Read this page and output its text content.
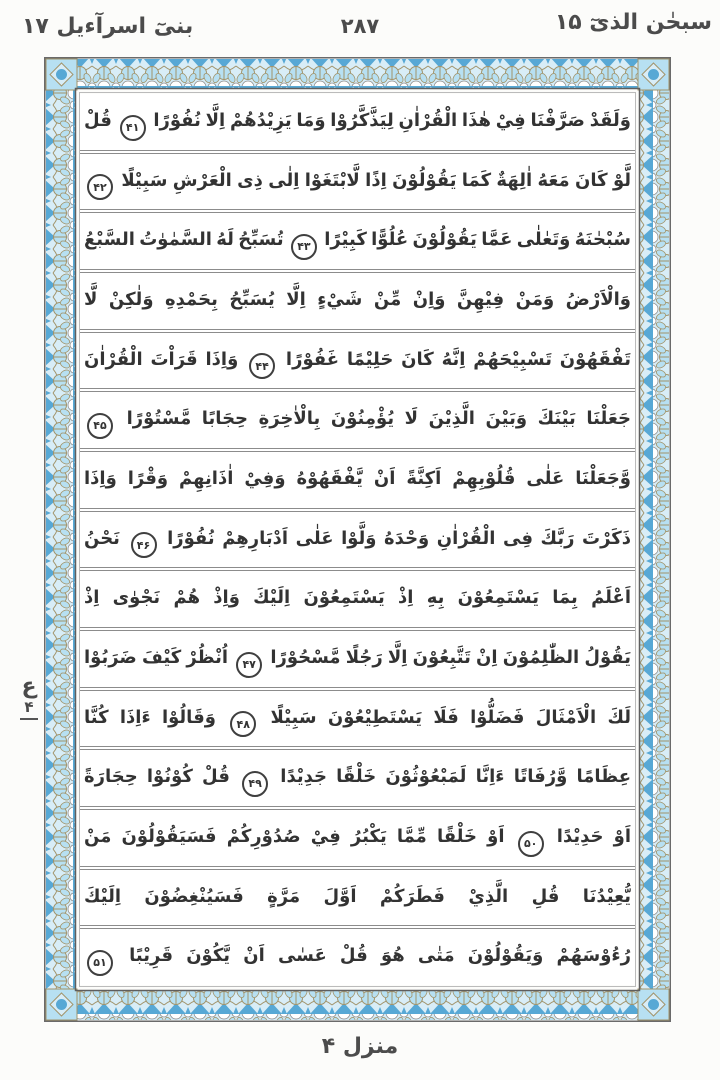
سبحٰن الذیٓ ۱۵
۲۸۷
بنیٓ اسرآءیل ۱۷
وَلَقَدْ صَرَّفْنَا فِيْ هٰذَا الْقُرْاٰنِ لِيَذَّكَّرُوْا وَمَا يَزِيْدُهُمْ اِلَّا نُفُوْرًا ۴۱ قُلْ
لَّوْ كَانَ مَعَهُ اٰلِهَةٌ كَمَا يَقُوْلُوْنَ اِذًا لَّابْتَغَوْا اِلٰى ذِى الْعَرْشِ سَبِيْلًا ۴۲
سُبْحٰنَهُ وَتَعٰلٰى عَمَّا يَقُوْلُوْنَ عُلُوًّا كَبِيْرًا ۴۳ تُسَبِّحُ لَهُ السَّمٰوٰتُ السَّبْعُ
وَالْاَرْضُ وَمَنْ فِيْهِنَّ وَاِنْ مِّنْ شَيْءٍ اِلَّا يُسَبِّحُ بِحَمْدِهِ وَلٰكِنْ لَّا
تَفْقَهُوْنَ تَسْبِيْحَهُمْ اِنَّهُ كَانَ حَلِيْمًا غَفُوْرًا ۴۴ وَاِذَا قَرَاْتَ الْقُرْاٰنَ
جَعَلْنَا بَيْنَكَ وَبَيْنَ الَّذِيْنَ لَا يُؤْمِنُوْنَ بِالْاٰخِرَةِ حِجَابًا مَّسْتُوْرًا ۴۵
وَّجَعَلْنَا عَلٰى قُلُوْبِهِمْ اَكِنَّةً اَنْ يَّفْقَهُوْهُ وَفِيْ اٰذَانِهِمْ وَقْرًا وَاِذَا
ذَكَرْتَ رَبَّكَ فِى الْقُرْاٰنِ وَحْدَهُ وَلَّوْا عَلٰى اَدْبَارِهِمْ نُفُوْرًا ۴۶ نَحْنُ
اَعْلَمُ بِمَا يَسْتَمِعُوْنَ بِهِ اِذْ يَسْتَمِعُوْنَ اِلَيْكَ وَاِذْ هُمْ نَجْوٰى اِذْ
يَقُوْلُ الظّٰلِمُوْنَ اِنْ تَتَّبِعُوْنَ اِلَّا رَجُلًا مَّسْحُوْرًا ۴۷ اُنْظُرْ كَيْفَ ضَرَبُوْا
لَكَ الْاَمْثَالَ فَضَلُّوْا فَلَا يَسْتَطِيْعُوْنَ سَبِيْلًا ۴۸ وَقَالُوْا ءَاِذَا كُنَّا
عِظَامًا وَّرُفَاتًا ءَاِنَّا لَمَبْعُوْثُوْنَ خَلْقًا جَدِيْدًا ۴۹ قُلْ كُوْنُوْا حِجَارَةً
اَوْ حَدِيْدًا ۵۰ اَوْ خَلْقًا مِّمَّا يَكْبُرُ فِيْ صُدُوْرِكُمْ فَسَيَقُوْلُوْنَ مَنْ
يُّعِيْدُنَا قُلِ الَّذِيْ فَطَرَكُمْ اَوَّلَ مَرَّةٍ فَسَيُنْغِضُوْنَ اِلَيْكَ
رُءُوْسَهُمْ وَيَقُوْلُوْنَ مَتٰى هُوَ قُلْ عَسٰى اَنْ يَّكُوْنَ قَرِيْبًا ۵۱
ع
۴
منزل ۴
